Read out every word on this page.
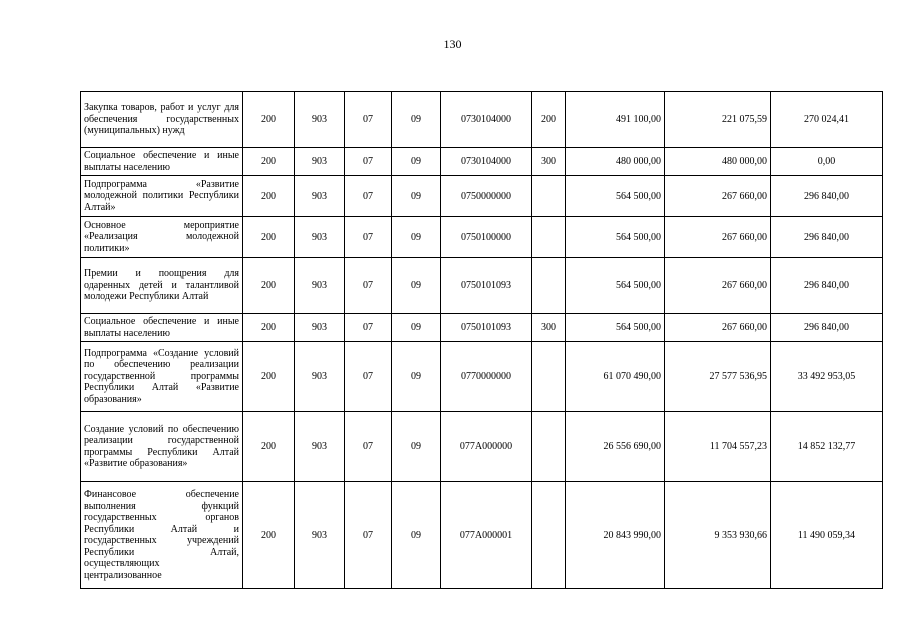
130
Закупка товаров, работ и услуг для обеспечения государственных (муниципальных) нужд	200	903	07	09	0730104000	200	491 100,00	221 075,59	270 024,41
Социальное обеспечение и иные выплаты населению	200	903	07	09	0730104000	300	480 000,00	480 000,00	0,00
Подпрограмма «Развитие молодежной политики Республики Алтай»	200	903	07	09	0750000000		564 500,00	267 660,00	296 840,00
Основное мероприятие «Реализация молодежной политики»	200	903	07	09	0750100000		564 500,00	267 660,00	296 840,00
Премии и поощрения для одаренных детей и талантливой молодежи Республики Алтай	200	903	07	09	0750101093		564 500,00	267 660,00	296 840,00
Социальное обеспечение и иные выплаты населению	200	903	07	09	0750101093	300	564 500,00	267 660,00	296 840,00
Подпрограмма «Создание условий по обеспечению реализации государственной программы Республики Алтай «Развитие образования»	200	903	07	09	0770000000		61 070 490,00	27 577 536,95	33 492 953,05
Создание условий по обеспечению реализации государственной программы Республики Алтай «Развитие образования»	200	903	07	09	077А000000		26 556 690,00	11 704 557,23	14 852 132,77
Финансовое обеспечение выполнения функций государственных органов Республики Алтай и государственных учреждений Республики Алтай, осуществляющих централизованное	200	903	07	09	077А000001		20 843 990,00	9 353 930,66	11 490 059,34
